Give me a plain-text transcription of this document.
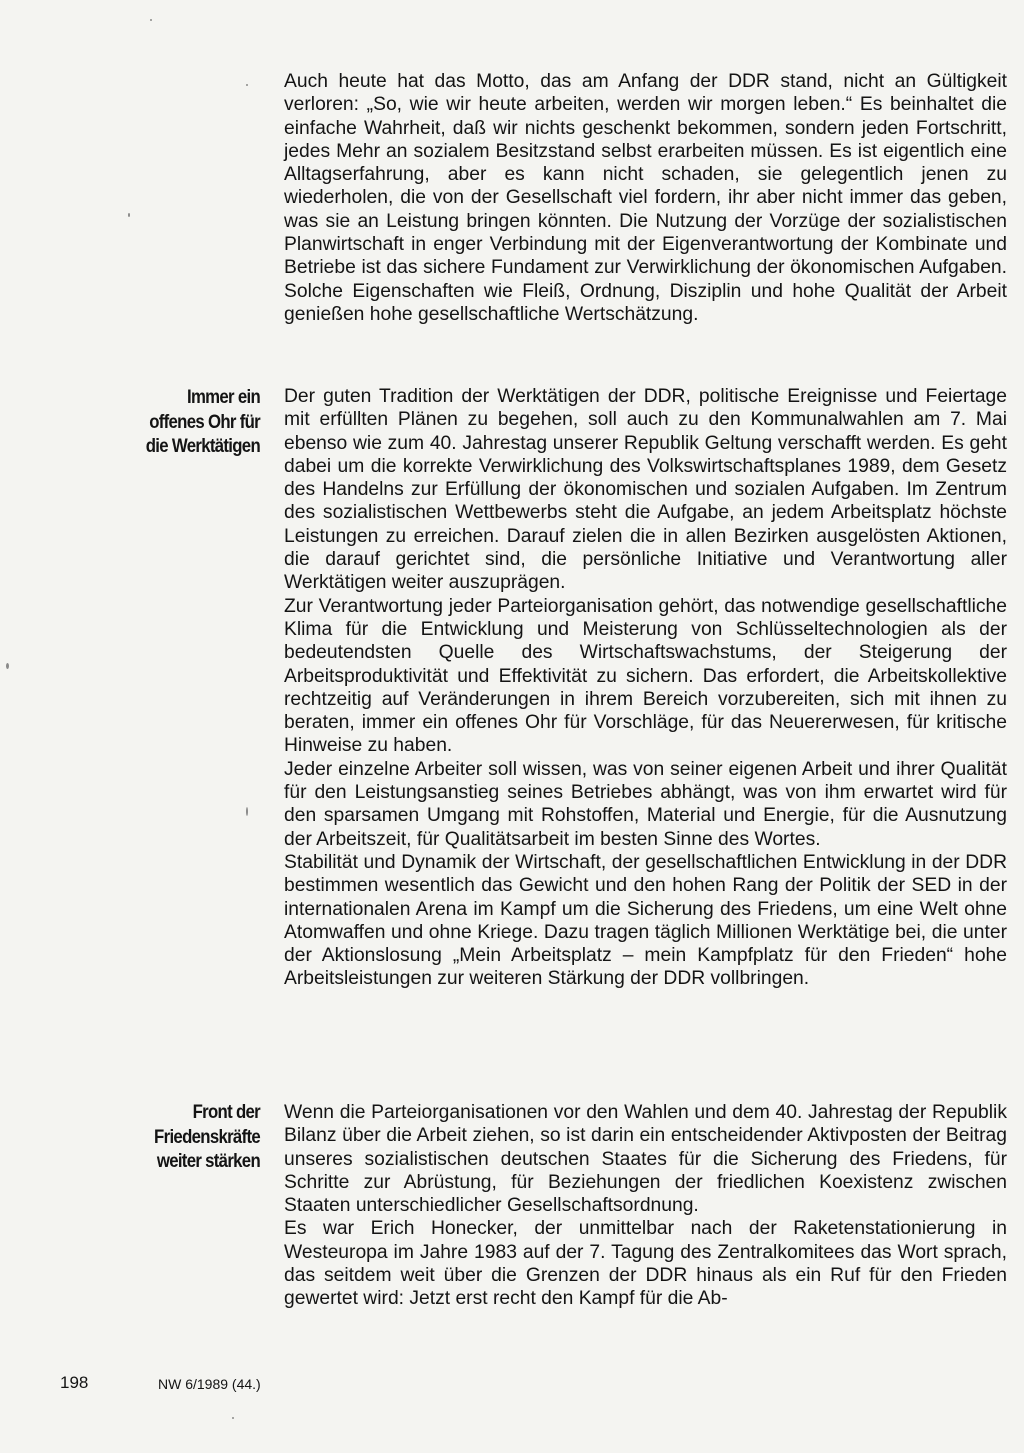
Auch heute hat das Motto, das am Anfang der DDR stand, nicht an Gültigkeit verloren: „So, wie wir heute arbeiten, werden wir morgen leben.“ Es beinhaltet die einfache Wahrheit, daß wir nichts geschenkt bekommen, sondern jeden Fortschritt, jedes Mehr an sozialem Besitzstand selbst erarbeiten müssen. Es ist eigentlich eine Alltagserfahrung, aber es kann nicht schaden, sie gelegentlich jenen zu wiederholen, die von der Gesellschaft viel fordern, ihr aber nicht immer das geben, was sie an Leistung bringen könnten. Die Nutzung der Vorzüge der sozialistischen Planwirtschaft in enger Verbindung mit der Eigenverantwortung der Kombinate und Betriebe ist das sichere Fundament zur Verwirklichung der ökonomischen Aufgaben. Solche Eigenschaften wie Fleiß, Ordnung, Disziplin und hohe Qualität der Arbeit genießen hohe gesellschaftliche Wertschätzung.

Immer ein
offenes Ohr für
die Werktätigen

Der guten Tradition der Werktätigen der DDR, politische Ereignisse und Feiertage mit erfüllten Plänen zu begehen, soll auch zu den Kommunalwahlen am 7. Mai ebenso wie zum 40. Jahrestag unserer Republik Geltung verschafft werden. Es geht dabei um die korrekte Verwirklichung des Volkswirtschaftsplanes 1989, dem Gesetz des Handelns zur Erfüllung der ökonomischen und sozialen Aufgaben. Im Zentrum des sozialistischen Wettbewerbs steht die Aufgabe, an jedem Arbeitsplatz höchste Leistungen zu erreichen. Darauf zielen die in allen Bezirken ausgelösten Aktionen, die darauf gerichtet sind, die persönliche Initiative und Verantwortung aller Werktätigen weiter auszuprägen.

Zur Verantwortung jeder Parteiorganisation gehört, das notwendige gesellschaftliche Klima für die Entwicklung und Meisterung von Schlüsseltechnologien als der bedeutendsten Quelle des Wirtschaftswachstums, der Steigerung der Arbeitsproduktivität und Effektivität zu sichern. Das erfordert, die Arbeitskollektive rechtzeitig auf Veränderungen in ihrem Bereich vorzubereiten, sich mit ihnen zu beraten, immer ein offenes Ohr für Vorschläge, für das Neuererwesen, für kritische Hinweise zu haben.

Jeder einzelne Arbeiter soll wissen, was von seiner eigenen Arbeit und ihrer Qualität für den Leistungsanstieg seines Betriebes abhängt, was von ihm erwartet wird für den sparsamen Umgang mit Rohstoffen, Material und Energie, für die Ausnutzung der Arbeitszeit, für Qualitätsarbeit im besten Sinne des Wortes.

Stabilität und Dynamik der Wirtschaft, der gesellschaftlichen Entwicklung in der DDR bestimmen wesentlich das Gewicht und den hohen Rang der Politik der SED in der internationalen Arena im Kampf um die Sicherung des Friedens, um eine Welt ohne Atomwaffen und ohne Kriege. Dazu tragen täglich Millionen Werktätige bei, die unter der Aktionslosung „Mein Arbeitsplatz – mein Kampfplatz für den Frieden“ hohe Arbeitsleistungen zur weiteren Stärkung der DDR vollbringen.

Front der
Friedenskräfte
weiter stärken

Wenn die Parteiorganisationen vor den Wahlen und dem 40. Jahrestag der Republik Bilanz über die Arbeit ziehen, so ist darin ein entscheidender Aktivposten der Beitrag unseres sozialistischen deutschen Staates für die Sicherung des Friedens, für Schritte zur Abrüstung, für Beziehungen der friedlichen Koexistenz zwischen Staaten unterschiedlicher Gesellschaftsordnung.

Es war Erich Honecker, der unmittelbar nach der Raketenstationierung in Westeuropa im Jahre 1983 auf der 7. Tagung des Zentralkomitees das Wort sprach, das seitdem weit über die Grenzen der DDR hinaus als ein Ruf für den Frieden gewertet wird: Jetzt erst recht den Kampf für die Ab-

198	NW 6/1989 (44.)
